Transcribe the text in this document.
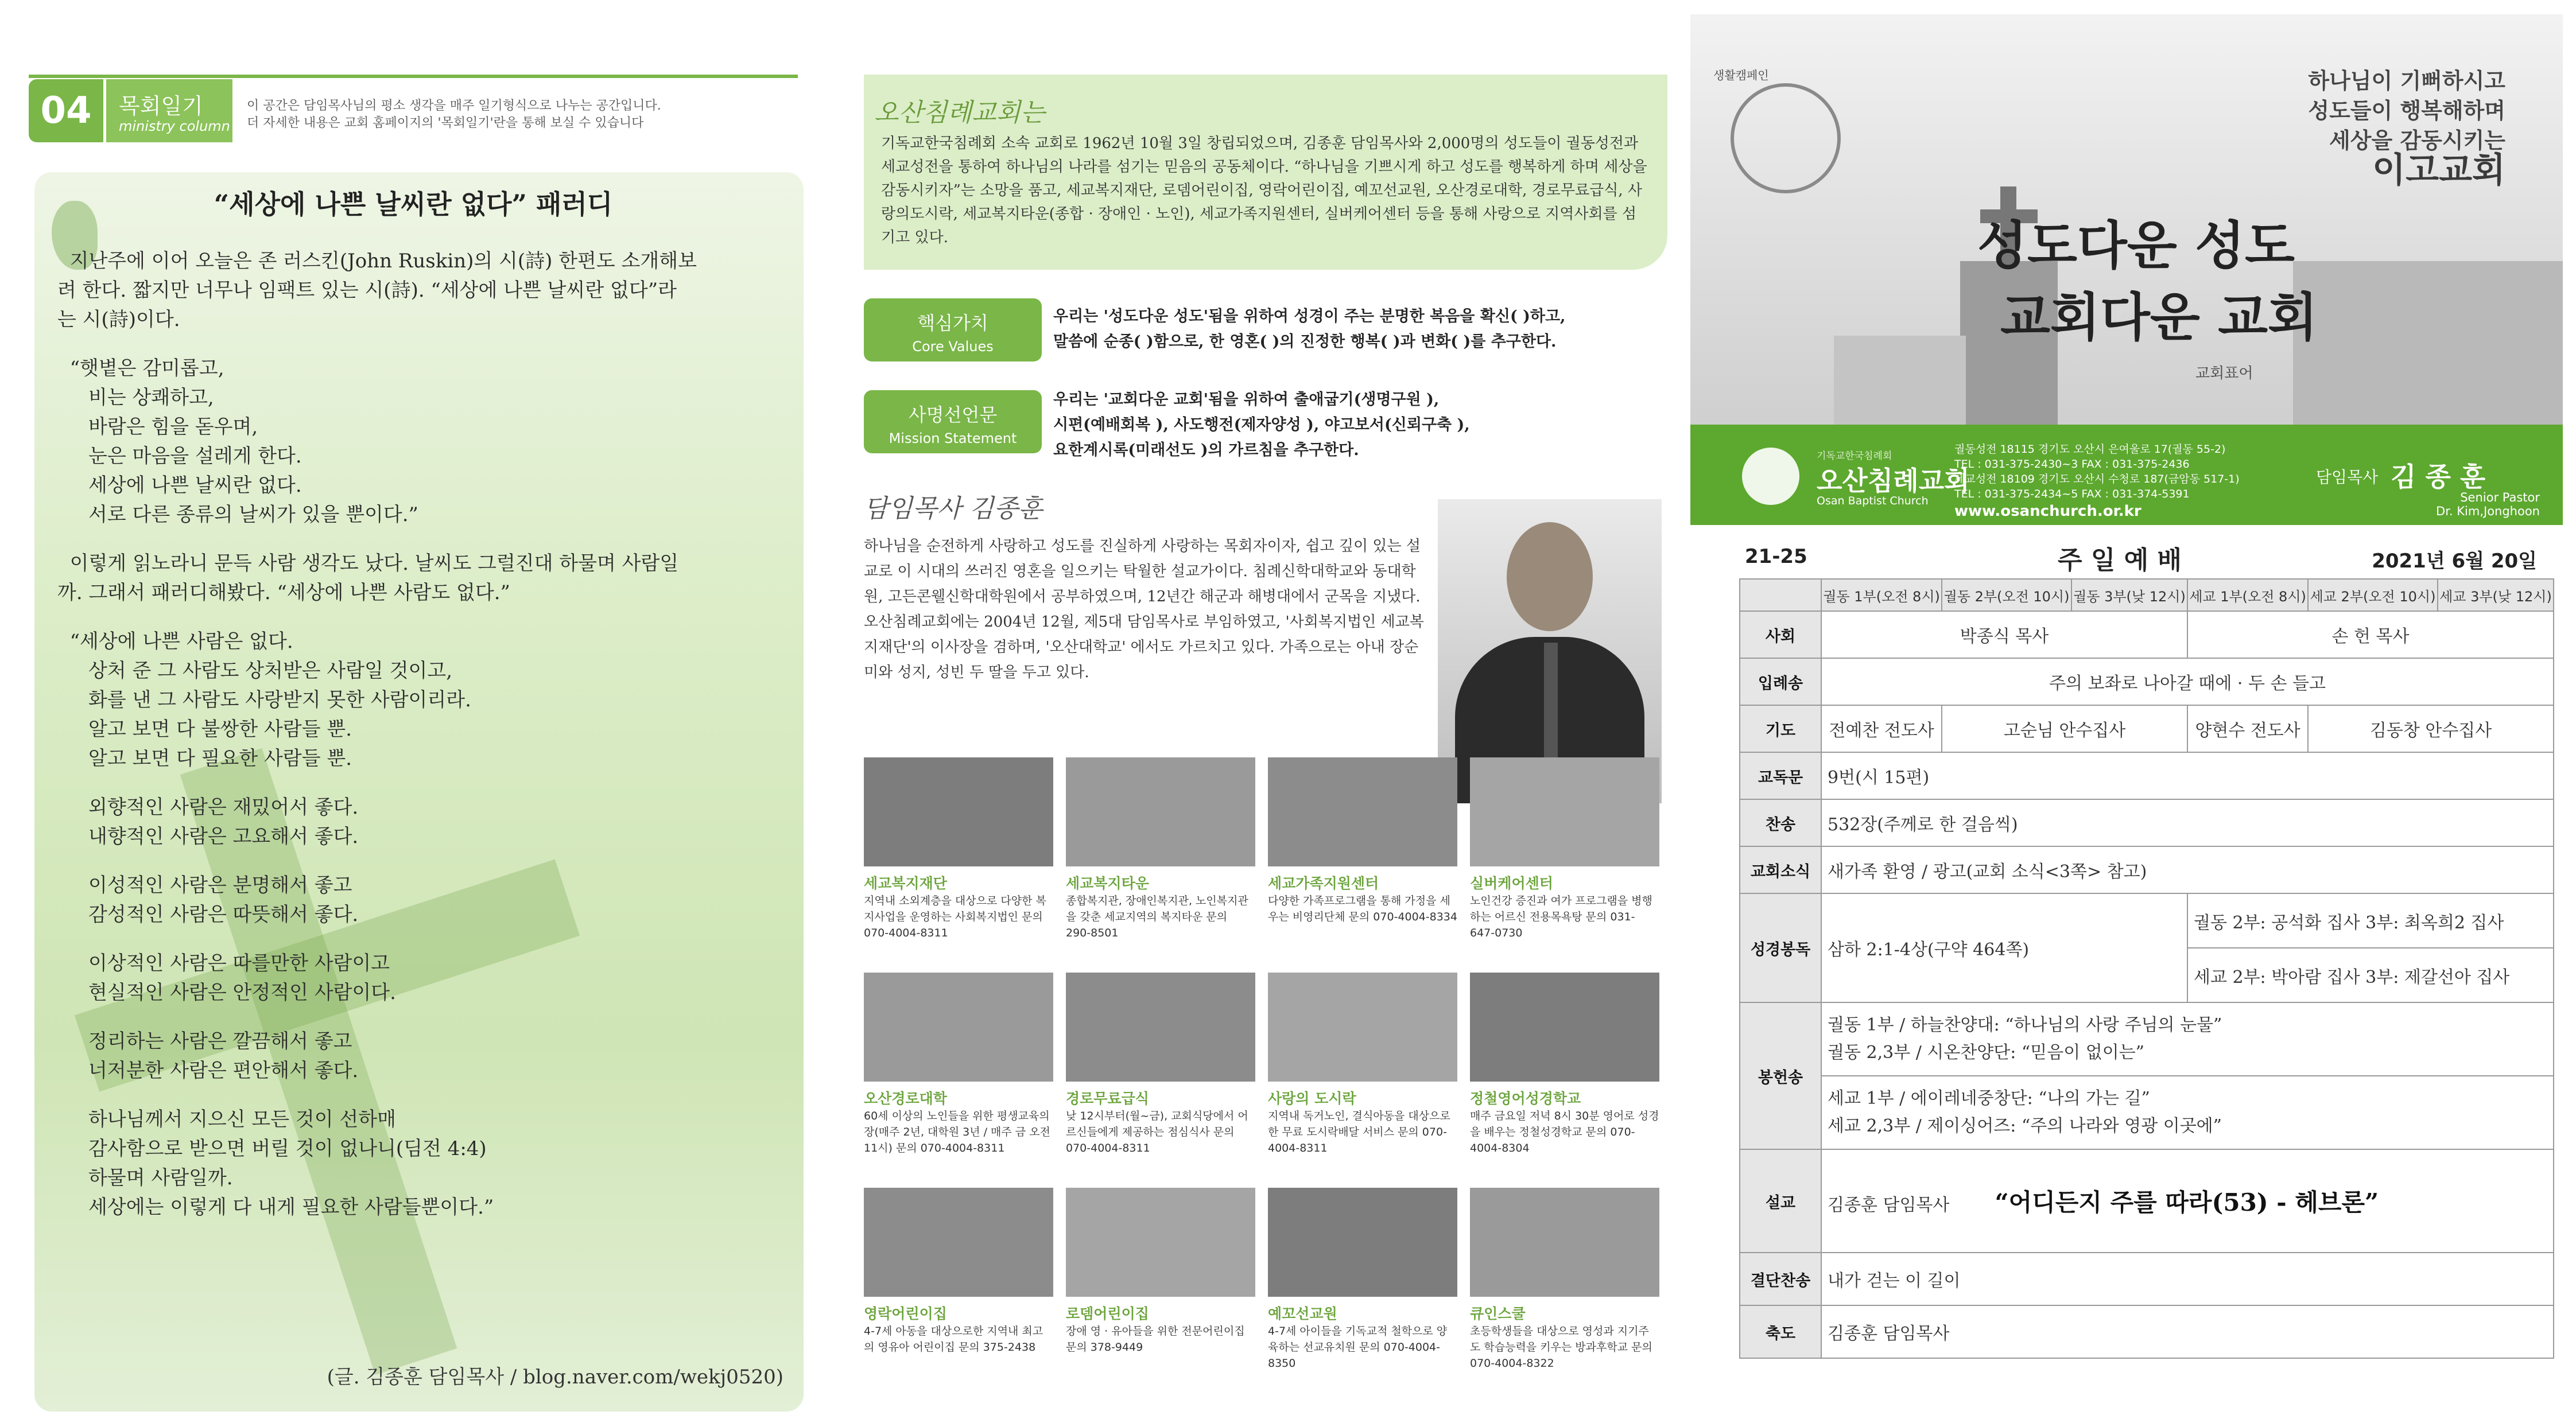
04	목회일기
ministry column
이 공간은 담임목사님의 평소 생각을 매주 일기형식으로 나누는 공간입니다.
더 자세한 내용은 교회 홈페이지의 '목회일기'란을 통해 보실 수 있습니다
“세상에 나쁜 날씨란 없다” 패러디

지난주에 이어 오늘은 존 러스킨(John Ruskin)의 시(詩) 한편도 소개해보

려 한다. 짧지만 너무나 임팩트 있는 시(詩). “세상에 나쁜 날씨란 없다”라

는 시(詩)이다.

“햇볕은 감미롭고,

비는 상쾌하고,

바람은 힘을 돋우며,

눈은 마음을 설레게 한다.

세상에 나쁜 날씨란 없다.

서로 다른 종류의 날씨가 있을 뿐이다.”

이렇게 읽노라니 문득 사람 생각도 났다. 날씨도 그럴진대 하물며 사람일

까. 그래서 패러디해봤다. “세상에 나쁜 사람도 없다.”

“세상에 나쁜 사람은 없다.

상처 준 그 사람도 상처받은 사람일 것이고,

화를 낸 그 사람도 사랑받지 못한 사람이리라.

알고 보면 다 불쌍한 사람들 뿐.

알고 보면 다 필요한 사람들 뿐.

외향적인 사람은 재밌어서 좋다.

내향적인 사람은 고요해서 좋다.

이성적인 사람은 분명해서 좋고

감성적인 사람은 따뜻해서 좋다.

이상적인 사람은 따를만한 사람이고

현실적인 사람은 안정적인 사람이다.

정리하는 사람은 깔끔해서 좋고

너저분한 사람은 편안해서 좋다.

하나님께서 지으신 모든 것이 선하매

감사함으로 받으면 버릴 것이 없나니(딤전 4:4)

하물며 사람일까.

세상에는 이렇게 다 내게 필요한 사람들뿐이다.”

(글. 김종훈 담임목사 / blog.naver.com/wekj0520)
오산침례교회는
기독교한국침례회 소속 교회로 1962년 10월 3일 창립되었으며, 김종훈 담임목사와 2,000명의 성도들이 궐동성전과 세교성전을 통하여 하나님의 나라를 섬기는 믿음의 공동체이다. “하나님을 기쁘시게 하고 성도를 행복하게 하며 세상을 감동시키자”는 소망을 품고, 세교복지재단, 로뎀어린이집, 영락어린이집, 예꼬선교원, 오산경로대학, 경로무료급식, 사랑의도시락, 세교복지타운(종합 · 장애인 · 노인), 세교가족지원센터, 실버케어센터 등을 통해 사랑으로 지역사회를 섬기고 있다.
핵심가치
Core Values
우리는 '성도다운 성도'됨을 위하여 성경이 주는 분명한 복음을 확신( )하고,
말씀에 순종( )함으로, 한 영혼( )의 진정한 행복( )과 변화( )를 추구한다.
사명선언문
Mission Statement
우리는 '교회다운 교회'됨을 위하여 출애굽기(생명구원 ),
시편(예배회복 ), 사도행전(제자양성 ), 야고보서(신뢰구축 ),
요한계시록(미래선도 )의 가르침을 추구한다.
담임목사 김종훈
하나님을 순전하게 사랑하고 성도를 진실하게 사랑하는 목회자이자, 쉽고 깊이 있는 설교로 이 시대의 쓰러진 영혼을 일으키는 탁월한 설교가이다. 침례신학대학교와 동대학원, 고든콘웰신학대학원에서 공부하였으며, 12년간 해군과 해병대에서 군목을 지냈다. 오산침례교회에는 2004년 12월, 제5대 담임목사로 부임하였고, '사회복지법인 세교복지재단'의 이사장을 겸하며, '오산대학교' 에서도 가르치고 있다. 가족으로는 아내 장순미와 성지, 성빈 두 딸을 두고 있다.
세교복지재단
지역내 소외계층을 대상으로 다양한 복지사업을 운영하는 사회복지법인 문의 070-4004-8311
세교복지타운
종합복지관, 장애인복지관, 노인복지관을 갖춘 세교지역의 복지타운 문의 290-8501
세교가족지원센터
다양한 가족프로그램을 통해 가정을 세우는 비영리단체 문의 070-4004-8334
실버케어센터
노인건강 증진과 여가 프로그램을 병행하는 어르신 전용목욕탕 문의 031-647-0730
오산경로대학
60세 이상의 노인들을 위한 평생교육의 장(매주 2년, 대학원 3년 / 매주 금 오전 11시) 문의 070-4004-8311
경로무료급식
낮 12시부터(월~금), 교회식당에서 어르신들에게 제공하는 점심식사 문의 070-4004-8311
사랑의 도시락
지역내 독거노인, 결식아동을 대상으로 한 무료 도시락배달 서비스 문의 070-4004-8311
정철영어성경학교
매주 금요일 저녁 8시 30분 영어로 성경을 배우는 정철성경학교 문의 070-4004-8304
영락어린이집
4-7세 아동을 대상으로한 지역내 최고의 영유아 어린이집 문의 375-2438
로뎀어린이집
장애 영 · 유아들을 위한 전문어린이집 문의 378-9449
예꼬선교원
4-7세 아이들을 기독교적 철학으로 양육하는 선교유치원 문의 070-4004-8350
큐인스쿨
초등학생들을 대상으로 영성과 지기주도 학습능력을 키우는 방과후학교 문의 070-4004-8322
생활캠페인	하나님이 기뻐하시고
성도들이 행복해하며
세상을 감동시키는
이고교회
성도다운 성도
교회다운 교회
교회표어
기독교한국침례회
오산침례교회
Osan Baptist Church
궐동성전 18115 경기도 오산시 은여울로 17(궐동 55-2)
TEL : 031-375-2430~3 FAX : 031-375-2436
세교성전 18109 경기도 오산시 수청로 187(금암동 517-1)
TEL : 031-375-2434~5 FAX : 031-374-5391
www.osanchurch.or.kr
담임목사 김 종 훈
Senior Pastor
Dr. Kim,Jonghoon
21-25	주 일 예 배	2021년 6월 20일
	궐동 1부(오전 8시)	궐동 2부(오전 10시)	궐동 3부(낮 12시)	세교 1부(오전 8시)	세교 2부(오전 10시)	세교 3부(낮 12시)
사회	박종식 목사			손 헌 목사		
입례송	주의 보좌로 나아갈 때에 · 두 손 들고					
기도	전예찬 전도사	고순님 안수집사		양현수 전도사	김동창 안수집사	
교독문	9번(시 15편)					
찬송	532장(주께로 한 걸음씩)					
교회소식	새가족 환영 / 광고(교회 소식<3쪽> 참고)					
성경봉독	삼하 2:1-4상(구약 464쪽)			궐동 2부: 공석화 집사 3부: 최옥희2 집사		
				세교 2부: 박아람 집사 3부: 제갈선아 집사		
봉헌송	궐동 1부 / 하늘찬양대: “하나님의 사랑 주님의 눈물”
궐동 2,3부 / 시온찬양단: “믿음이 없이는”					

	세교 1부 / 에이레네중창단: “나의 가는 길”
세교 2,3부 / 제이싱어즈: “주의 나라와 영광 이곳에”					

설교	김종훈 담임목사 “어디든지 주를 따라(53) - 헤브론”					
결단찬송	내가 걷는 이 길이					
축도	김종훈 담임목사					
